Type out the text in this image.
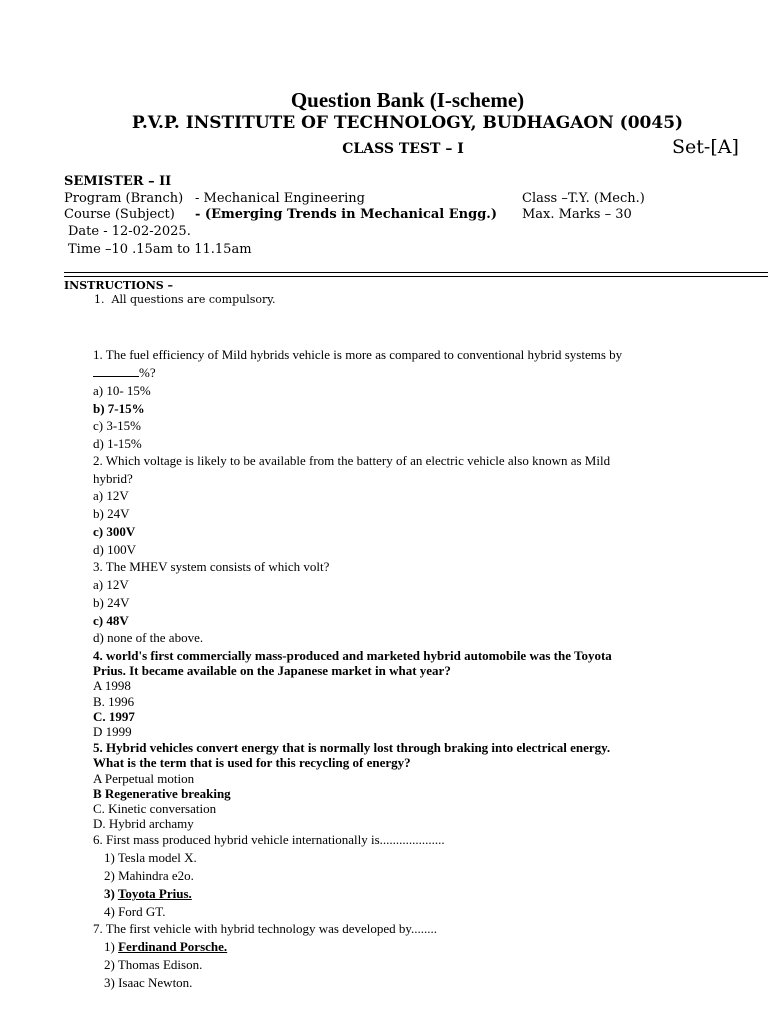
Question Bank (I-scheme)
P.V.P. INSTITUTE OF TECHNOLOGY, BUDHAGAON (0045)
CLASS TEST – I	Set-[A]
SEMISTER – II
Program (Branch) - Mechanical Engineering	Class –T.Y. (Mech.)
Course (Subject) - (Emerging Trends in Mechanical Engg.) Max. Marks – 30
Date - 12-02-2025.
Time –10 .15am to 11.15am
INSTRUCTIONS –
1.  All questions are compulsory.
1. The fuel efficiency of Mild hybrids vehicle is more as compared to conventional hybrid systems by
%?
a) 10- 15%
b) 7-15%
c) 3-15%
d) 1-15%
2. Which voltage is likely to be available from the battery of an electric vehicle also known as Mild
hybrid?
a) 12V
b) 24V
c) 300V
d) 100V
3. The MHEV system consists of which volt?
a) 12V
b) 24V
c) 48V
d) none of the above.
4. world's first commercially mass-produced and marketed hybrid automobile was the Toyota
Prius. It became available on the Japanese market in what year?
A 1998
B. 1996
C. 1997
D 1999
5. Hybrid vehicles convert energy that is normally lost through braking into electrical energy.
What is the term that is used for this recycling of energy?
A Perpetual motion
B Regenerative breaking
C. Kinetic conversation
D. Hybrid archamy
6. First mass produced hybrid vehicle internationally is....................
1) Tesla model X.
2) Mahindra e2o.
3) Toyota Prius.
4) Ford GT.
7. The first vehicle with hybrid technology was developed by........
1) Ferdinand Porsche.
2) Thomas Edison.
3) Isaac Newton.
